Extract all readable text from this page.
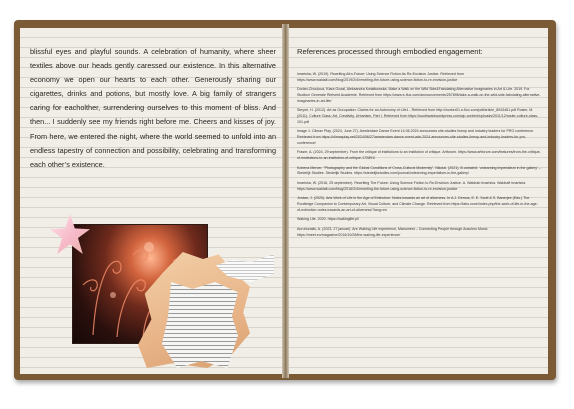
blissful eyes and playful sounds. A celebration of humanity, where sheer textiles above our heads gently caressed our existence. In this alternative economy we open our hearts to each other. Generously sharing our cigarettes, drinks and potions, but mostly love. A big family of strangers caring for eacholther, surrendering ourselves to this moment of bliss. And then... I suddenly see my friends right before me. Cheers and kisses of joy. From here, we entered the night, where the world seemed to unfold into an endless tapestry of connection and possibility, celebrating and transforming each other’s existence.
References processed through embodied engagement:
Imarisha, W. (2019). Rewriting Afro-Future: Using Science Fiction As Re-Envision Justice. Retrieved from https://www.waldalt.com/blog/2019/2/4/rewriting-the-future-using-science-fiction-to-re-envision-justice
Dorlan-Chouloua, Kiara Gozal, Aleksandra Kwiatkowska. Make a Walk on the Wild Side&Fabulating Alternative Imaginaries in Art & Life. 2019. For Studium Generale Rietveld Academie. Retrieved from https://www.e-flux.com/announcements/257896/take-a-walk-on-the-wild-side-fabulating-alternative-imaginaries-in-art-life/
Steyerl, H. (2012). Art as Occupation: Claims for an Autonomy of Life1 - Retrieved from http://worker01.e-flux.com/pdf/article_8943461.pdf Rosier, M. (2011). Culture Class: Art, Creativity, Urbanism, Part I. Retrieved from https://southwarkwordpress.com/wp-content/uploads/2011/12/rosier-culture-class-101.pdf
Image 1: Climax Play. (2024, June 27). Amsterdam Dance Event 14.06.2024 announces site-studies lineup and industry leaders for PRO conference. Retrieved from https://climaxplay.net/2024/06/27/amsterdam-dance-event-ade-2024-announces-site-studies-lineup-and-industry-leaders-for-pro-conference/
Fraser, A. (2024, 29 september). From the critique of institutions to an institution of critique. Artforum. https://www.artforum.com/features/from-the-critique-of-institutions-to-an-institution-of-critique-172891/
Kobena Mercer. “Photography and the Global Conditions of Cross-Cultural Modernity”. Nikolai. (2021). Ill.ustrated: ‘unlearning imperialism in the gallery’ – Stedelijk Studies. Stedelijk Studies. https://stedelijkstudies.com/journal/unlearning-imperialism-in-the-gallery/
Imarisha, W. (2016, 25 september). Rewriting The Future: Using Science Fiction to Re-Envision Justice. A. Waldrab Imarisha. Waldraft Imarisha. https://www.waldalt.com/blog/2016/2/4/rewriting-the-future-using-science-fiction-to-re-envision-justice
Jordan, J. (2020). Arts Work of Life in the Age of Extinction: Notes towards an art of aliveness. In A.J. Demos, E. E. Scott & S. Banerjee (Eds.) The Routledge Companion to Contemporary Art, Visual Culture, and Climate Change. Retrieved from https://labo.zone/index.php/the-work-of-life-in-the-age-of-extinction-notes-towards-an-art-of-aliveness/?lang=en
Waking Life. 2020. https://wakinglife.pl/
Auruhunalis, A. (2023, 27 januari). Are Waking Life experience, Manumest – Connecting People through Auschno Music. https://meet.eu/magazine/2016/10/28/the-waking-life-experience/
